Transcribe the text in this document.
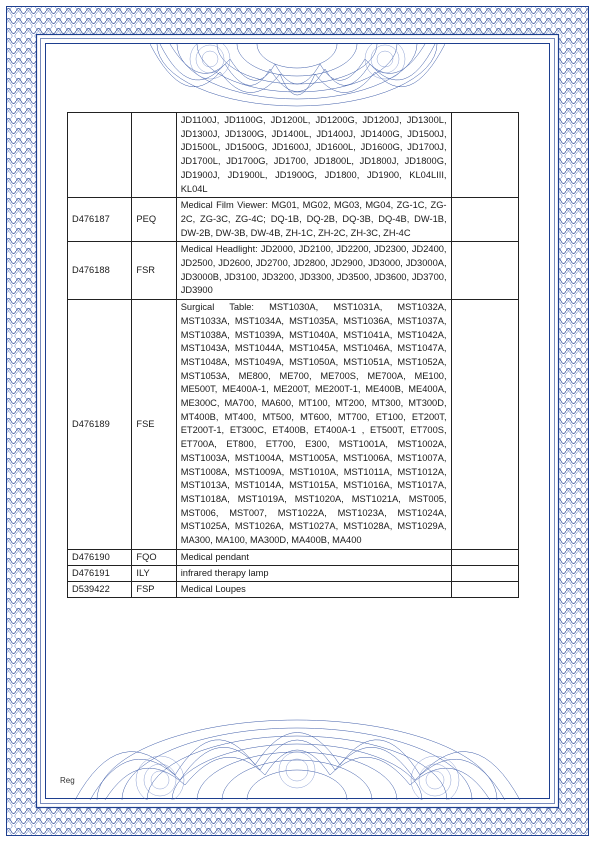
		JD1100J, JD1100G, JD1200L, JD1200G, JD1200J, JD1300L, JD1300J, JD1300G, JD1400L, JD1400J, JD1400G, JD1500J, JD1500L, JD1500G, JD1600J, JD1600L, JD1600G, JD1700J, JD1700L, JD1700G, JD1700, JD1800L, JD1800J, JD1800G, JD1900J, JD1900L, JD1900G, JD1800, JD1900, KL04LIII, KL04L	
D476187	PEQ	Medical Film Viewer: MG01, MG02, MG03, MG04, ZG-1C, ZG-2C, ZG-3C, ZG-4C; DQ-1B, DQ-2B, DQ-3B, DQ-4B, DW-1B, DW-2B, DW-3B, DW-4B, ZH-1C, ZH-2C, ZH-3C, ZH-4C	
D476188	FSR	Medical Headlight: JD2000, JD2100, JD2200, JD2300, JD2400, JD2500, JD2600, JD2700, JD2800, JD2900, JD3000, JD3000A, JD3000B, JD3100, JD3200, JD3300, JD3500, JD3600, JD3700, JD3900	
D476189	FSE	Surgical Table: MST1030A, MST1031A, MST1032A, MST1033A, MST1034A, MST1035A, MST1036A, MST1037A, MST1038A, MST1039A, MST1040A, MST1041A, MST1042A, MST1043A, MST1044A, MST1045A, MST1046A, MST1047A, MST1048A, MST1049A, MST1050A, MST1051A, MST1052A, MST1053A, ME800, ME700, ME700S, ME700A, ME100, ME500T, ME400A-1, ME200T, ME200T-1, ME400B, ME400A, ME300C, MA700, MA600, MT100, MT200, MT300, MT300D, MT400B, MT400, MT500, MT600, MT700, ET100, ET200T, ET200T-1, ET300C, ET400B, ET400A-1 , ET500T, ET700S, ET700A, ET800, ET700, E300, MST1001A, MST1002A, MST1003A, MST1004A, MST1005A, MST1006A, MST1007A, MST1008A, MST1009A, MST1010A, MST1011A, MST1012A, MST1013A, MST1014A, MST1015A, MST1016A, MST1017A, MST1018A, MST1019A, MST1020A, MST1021A, MST005, MST006, MST007, MST1022A, MST1023A, MST1024A, MST1025A, MST1026A, MST1027A, MST1028A, MST1029A, MA300, MA100, MA300D, MA400B, MA400	
D476190	FQO	Medical pendant	
D476191	ILY	infrared therapy lamp	
D539422	FSP	Medical Loupes	
Reg
